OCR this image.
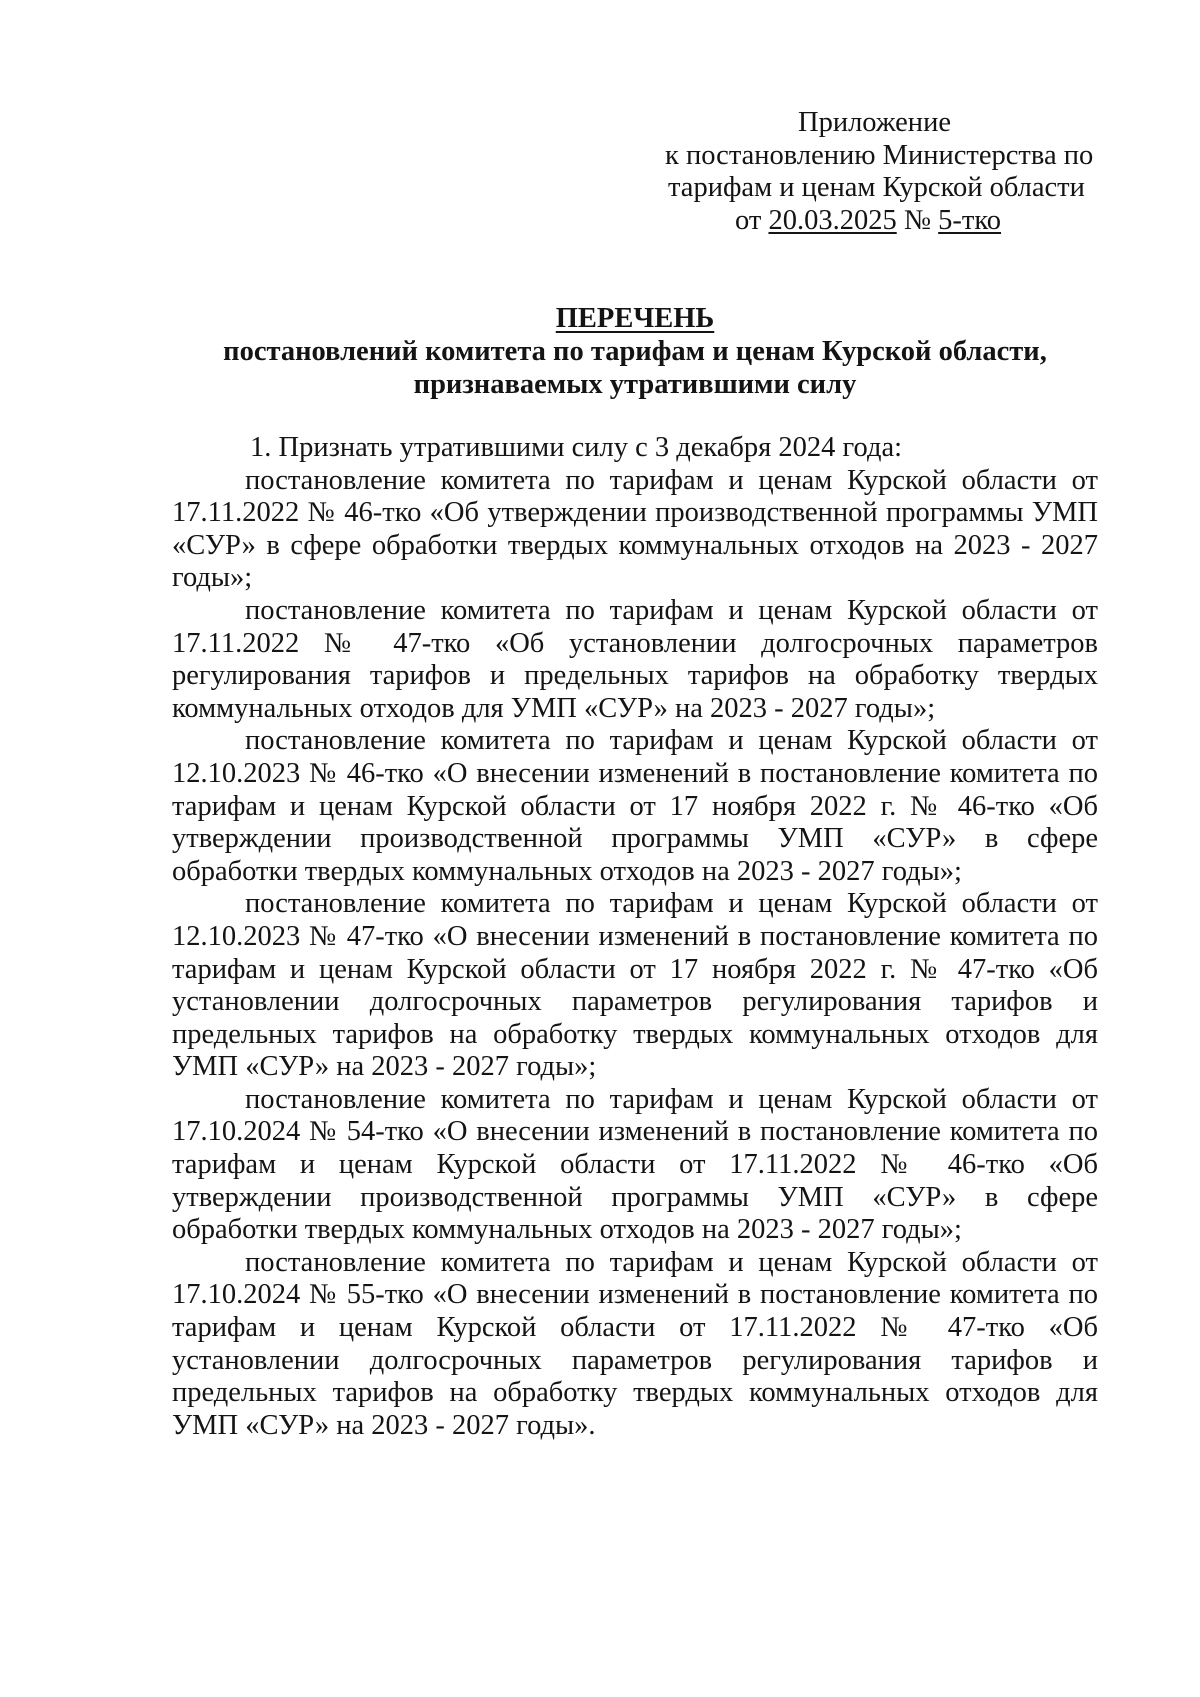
Приложение
к постановлению Министерства по
тарифам и ценам Курской области
от 20.03.2025 № 5-тко
ПЕРЕЧЕНЬ
постановлений комитета по тарифам и ценам Курской области,
признаваемых утратившими силу

1. Признать утратившими силу с 3 декабря 2024 года:

постановление комитета по тарифам и ценам Курской области от 17.11.2022 № 46-тко «Об утверждении производственной программы УМП «СУР» в сфере обработки твердых коммунальных отходов на 2023 - 2027 годы»;

постановление комитета по тарифам и ценам Курской области от 17.11.2022 № 47-тко «Об установлении долгосрочных параметров регулирования тарифов и предельных тарифов на обработку твердых коммунальных отходов для УМП «СУР» на 2023 - 2027 годы»;

постановление комитета по тарифам и ценам Курской области от 12.10.2023 № 46-тко «О внесении изменений в постановление комитета по тарифам и ценам Курской области от 17 ноября 2022 г. № 46-тко «Об утверждении производственной программы УМП «СУР» в сфере обработки твердых коммунальных отходов на 2023 - 2027 годы»;

постановление комитета по тарифам и ценам Курской области от 12.10.2023 № 47-тко «О внесении изменений в постановление комитета по тарифам и ценам Курской области от 17 ноября 2022 г. № 47-тко «Об установлении долгосрочных параметров регулирования тарифов и предельных тарифов на обработку твердых коммунальных отходов для УМП «СУР» на 2023 - 2027 годы»;

постановление комитета по тарифам и ценам Курской области от 17.10.2024 № 54-тко «О внесении изменений в постановление комитета по тарифам и ценам Курской области от 17.11.2022 № 46-тко «Об утверждении производственной программы УМП «СУР» в сфере обработки твердых коммунальных отходов на 2023 - 2027 годы»;

постановление комитета по тарифам и ценам Курской области от 17.10.2024 № 55-тко «О внесении изменений в постановление комитета по тарифам и ценам Курской области от 17.11.2022 № 47-тко «Об установлении долгосрочных параметров регулирования тарифов и предельных тарифов на обработку твердых коммунальных отходов для УМП «СУР» на 2023 - 2027 годы».
